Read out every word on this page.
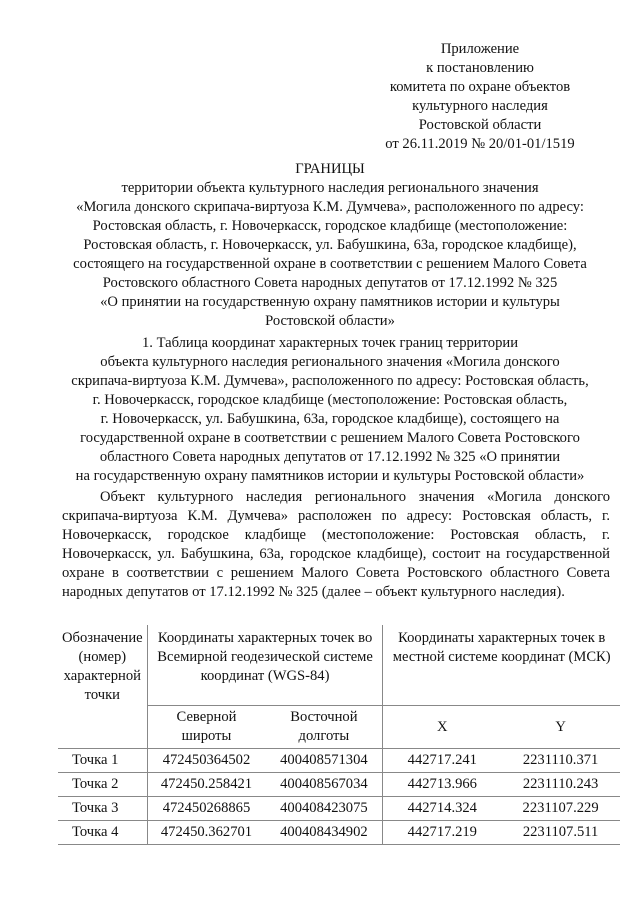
Приложение
к постановлению
комитета по охране объектов
культурного наследия
Ростовской области
от 26.11.2019 № 20/01-01/1519
ГРАНИЦЫ
территории объекта культурного наследия регионального значения
«Могила донского скрипача-виртуоза К.М. Думчева», расположенного по адресу:
Ростовская область, г. Новочеркасск, городское кладбище (местоположение:
Ростовская область, г. Новочеркасск, ул. Бабушкина, 63а, городское кладбище),
состоящего на государственной охране в соответствии с решением Малого Совета
Ростовского областного Совета народных депутатов от 17.12.1992 № 325
«О принятии на государственную охрану памятников истории и культуры
Ростовской области»
1. Таблица координат характерных точек границ территории
объекта культурного наследия регионального значения «Могила донского
скрипача-виртуоза К.М. Думчева», расположенного по адресу: Ростовская область,
г. Новочеркасск, городское кладбище (местоположение: Ростовская область,
г. Новочеркасск, ул. Бабушкина, 63а, городское кладбище), состоящего на
государственной охране в соответствии с решением Малого Совета Ростовского
областного Совета народных депутатов от 17.12.1992 № 325 «О принятии
на государственную охрану памятников истории и культуры Ростовской области»
Объект культурного наследия регионального значения «Могила донского скрипача-виртуоза К.М. Думчева» расположен по адресу: Ростовская область, г. Новочеркасск, городское кладбище (местоположение: Ростовская область, г. Новочеркасск, ул. Бабушкина, 63а, городское кладбище), состоит на государственной охране в соответствии с решением Малого Совета Ростовского областного Совета народных депутатов от 17.12.1992 № 325 (далее – объект культурного наследия).
Обозначение (номер) характерной точки	Координаты характерных точек во Всемирной геодезической системе координат (WGS-84)		Координаты характерных точек в местной системе координат (МСК)	
	Северной широты	Восточной долготы	X	Y
Точка 1	472450364502	400408571304	442717.241	2231110.371
Точка 2	472450.258421	400408567034	442713.966	2231110.243
Точка 3	472450268865	400408423075	442714.324	2231107.229
Точка 4	472450.362701	400408434902	442717.219	2231107.511
